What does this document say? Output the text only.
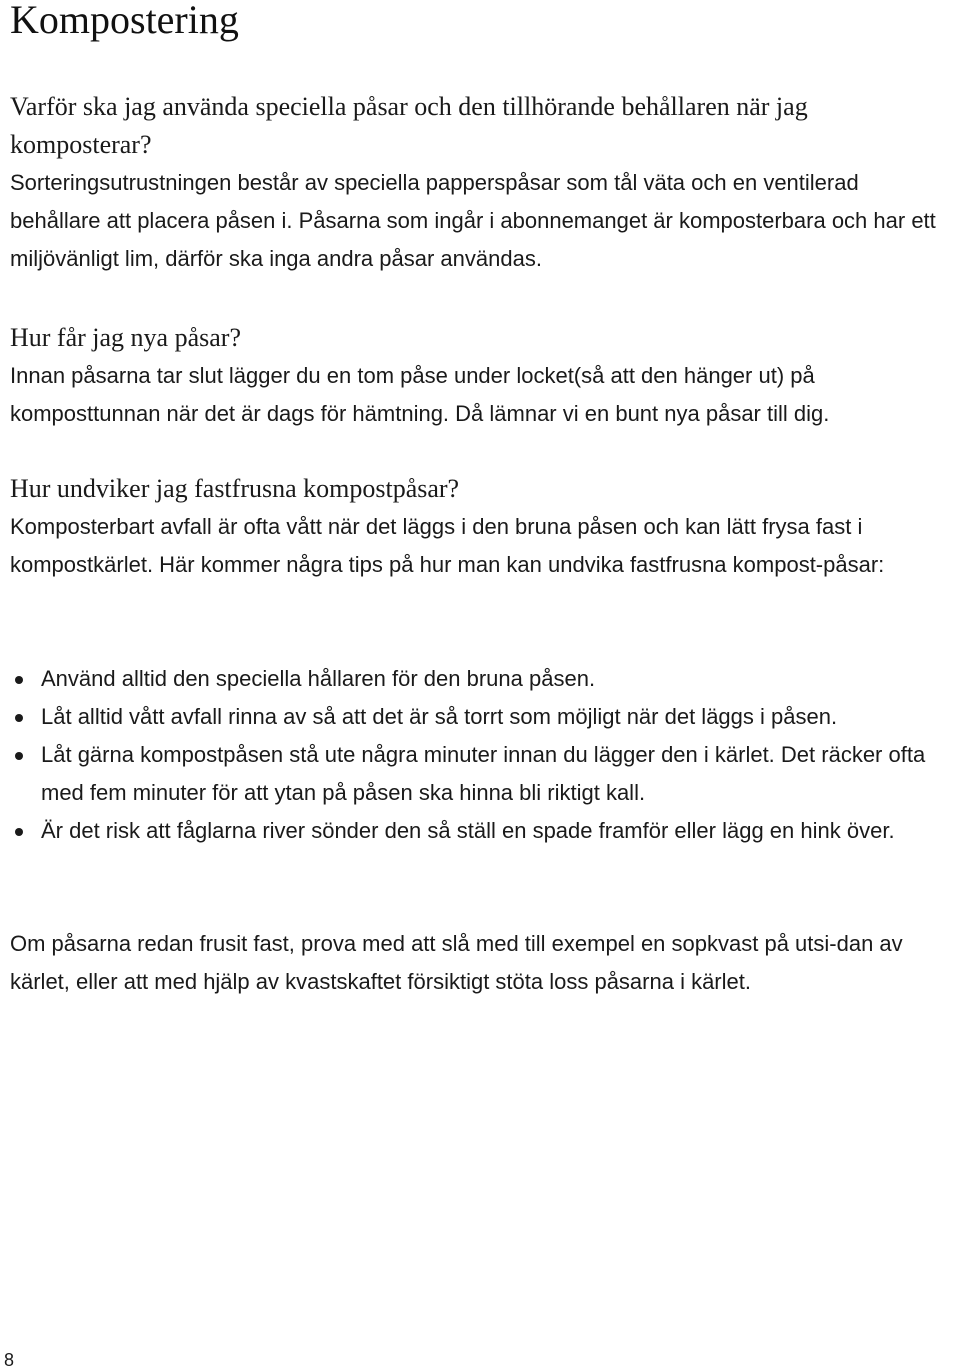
Kompostering

Varför ska jag använda speciella påsar och den tillhörande behållaren när jag komposterar?

Sorteringsutrustningen består av speciella papperspåsar som tål väta och en ventilerad behållare att placera påsen i. Påsarna som ingår i abonnemanget är komposterbara och har ett miljövänligt lim, därför ska inga andra påsar användas.

Hur får jag nya påsar?

Innan påsarna tar slut lägger du en tom påse under locket(så att den hänger ut) på komposttunnan när det är dags för hämtning. Då lämnar vi en bunt nya påsar till dig.

Hur undviker jag fastfrusna kompostpåsar?

Komposterbart avfall är ofta vått när det läggs i den bruna påsen och kan lätt frysa fast i kompostkärlet. Här kommer några tips på hur man kan undvika fastfrusna kompost-påsar:

Använd alltid den speciella hållaren för den bruna påsen.
Låt alltid vått avfall rinna av så att det är så torrt som möjligt när det läggs i påsen.
Låt gärna kompostpåsen stå ute några minuter innan du lägger den i kärlet. Det räcker ofta med fem minuter för att ytan på påsen ska hinna bli riktigt kall.
Är det risk att fåglarna river sönder den så ställ en spade framför eller lägg en hink över.

Om påsarna redan frusit fast, prova med att slå med till exempel en sopkvast på utsi-dan av kärlet, eller att med hjälp av kvastskaftet försiktigt stöta loss påsarna i kärlet.

8
